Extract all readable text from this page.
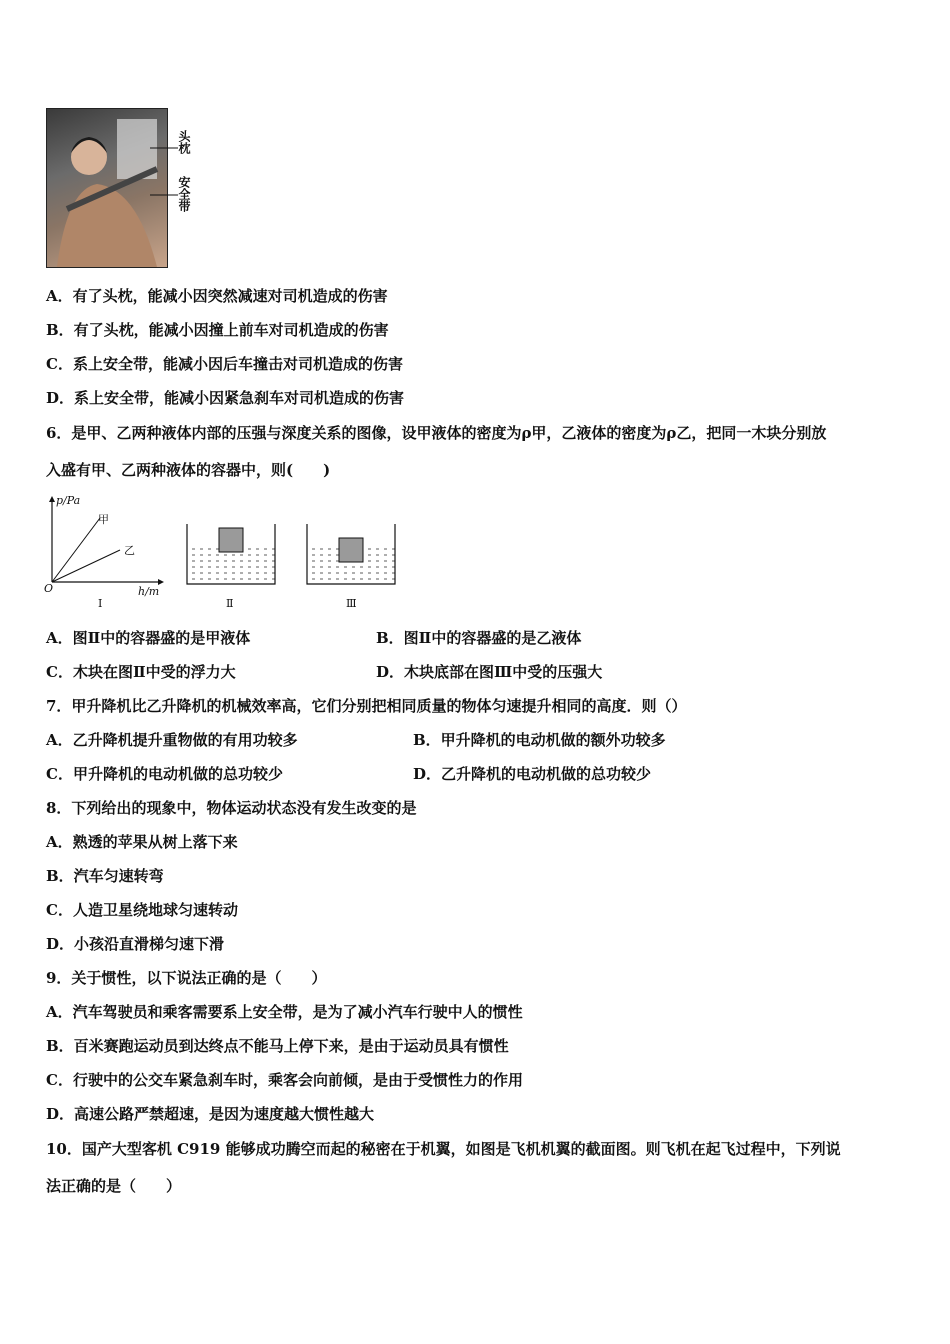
头枕
安全带
A．有了头枕，能减小因突然减速对司机造成的伤害
B．有了头枕，能减小因撞上前车对司机造成的伤害
C．系上安全带，能减小因后车撞击对司机造成的伤害
D．系上安全带，能减小因紧急刹车对司机造成的伤害
6．是甲、乙两种液体内部的压强与深度关系的图像，设甲液体的密度为ρ甲，乙液体的密度为ρ乙，把同一木块分别放
入盛有甲、乙两种液体的容器中，则(　　)
p/Pa
甲
乙
O	h/m
Ⅰ	Ⅱ	Ⅲ
A．图Ⅱ中的容器盛的是甲液体	B．图Ⅱ中的容器盛的是乙液体
C．木块在图Ⅱ中受的浮力大	D．木块底部在图Ⅲ中受的压强大
7．甲升降机比乙升降机的机械效率高，它们分别把相同质量的物体匀速提升相同的高度．则（）
A．乙升降机提升重物做的有用功较多	B．甲升降机的电动机做的额外功较多
C．甲升降机的电动机做的总功较少	D．乙升降机的电动机做的总功较少
8．下列给出的现象中，物体运动状态没有发生改变的是
A．熟透的苹果从树上落下来
B．汽车匀速转弯
C．人造卫星绕地球匀速转动
D．小孩沿直滑梯匀速下滑
9．关于惯性，以下说法正确的是（　　）
A．汽车驾驶员和乘客需要系上安全带，是为了减小汽车行驶中人的惯性
B．百米赛跑运动员到达终点不能马上停下来，是由于运动员具有惯性
C．行驶中的公交车紧急刹车时，乘客会向前倾，是由于受惯性力的作用
D．高速公路严禁超速，是因为速度越大惯性越大
10．国产大型客机 C919 能够成功腾空而起的秘密在于机翼，如图是飞机机翼的截面图。则飞机在起飞过程中，下列说
法正确的是（　　）
